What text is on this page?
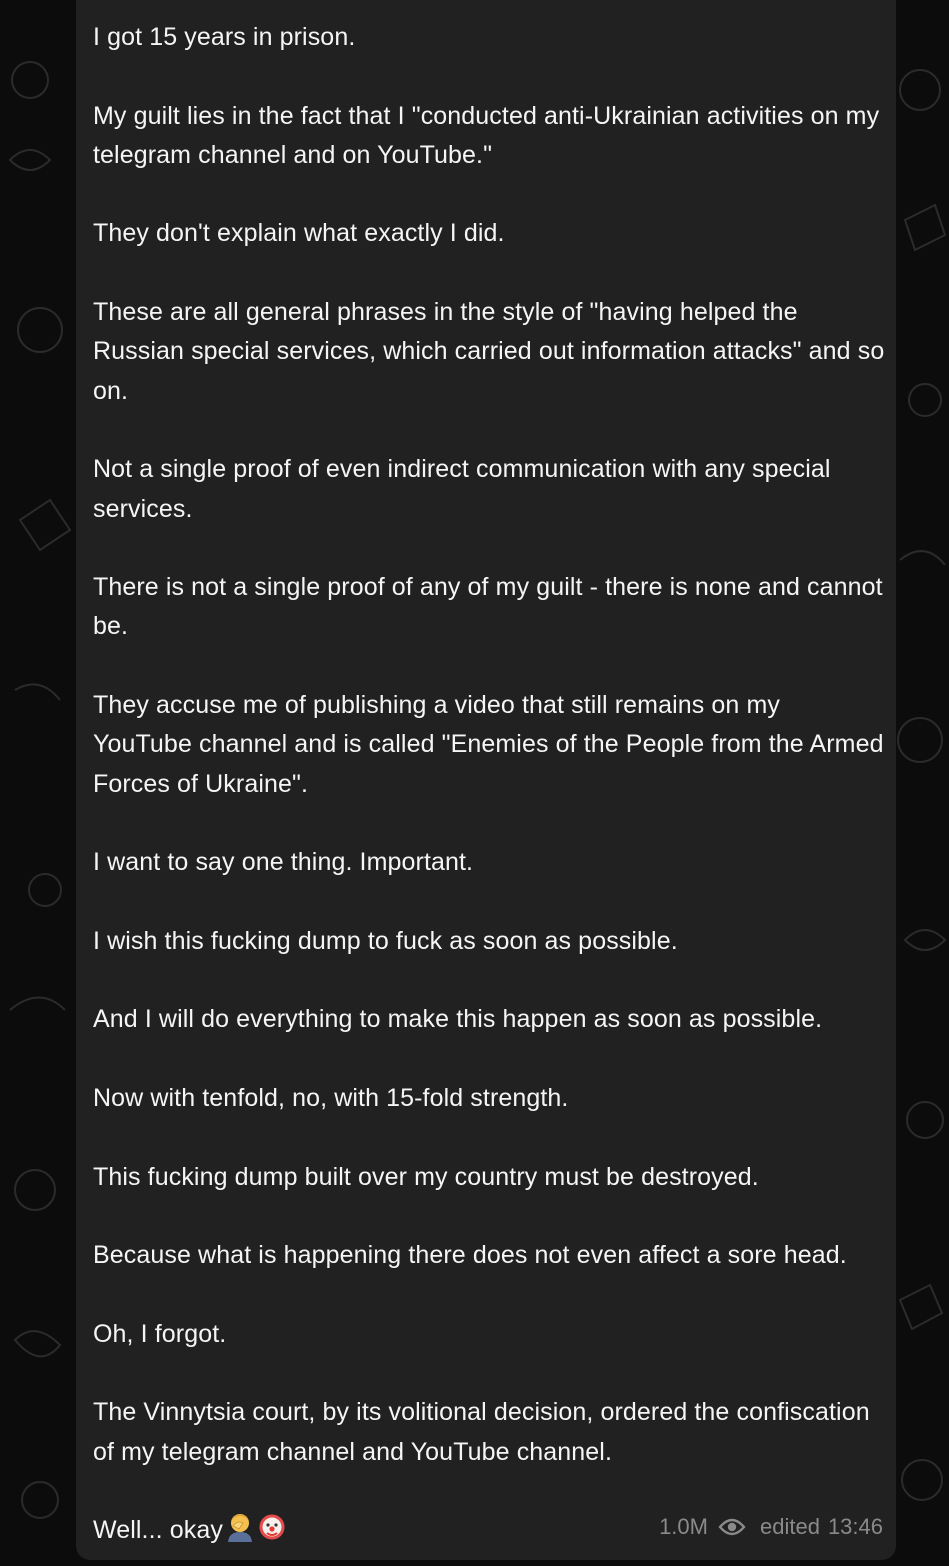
I got 15 years in prison.

My guilt lies in the fact that I "conducted anti-Ukrainian activities on my telegram channel and on YouTube."

They don't explain what exactly I did.

These are all general phrases in the style of "having helped the Russian special services, which carried out information attacks" and so on.

Not a single proof of even indirect communication with any special services.

There is not a single proof of any of my guilt - there is none and cannot be.

They accuse me of publishing a video that still remains on my YouTube channel and is called "Enemies of the People from the Armed Forces of Ukraine".

I want to say one thing. Important.

I wish this fucking dump to fuck as soon as possible.

And I will do everything to make this happen as soon as possible.

Now with tenfold, no, with 15-fold strength.

This fucking dump built over my country must be destroyed.

Because what is happening there does not even affect a sore head.

Oh, I forgot.

The Vinnytsia court, by its volitional decision, ordered the confiscation of my telegram channel and YouTube channel.

Well... okay	1.0M edited 13:46
